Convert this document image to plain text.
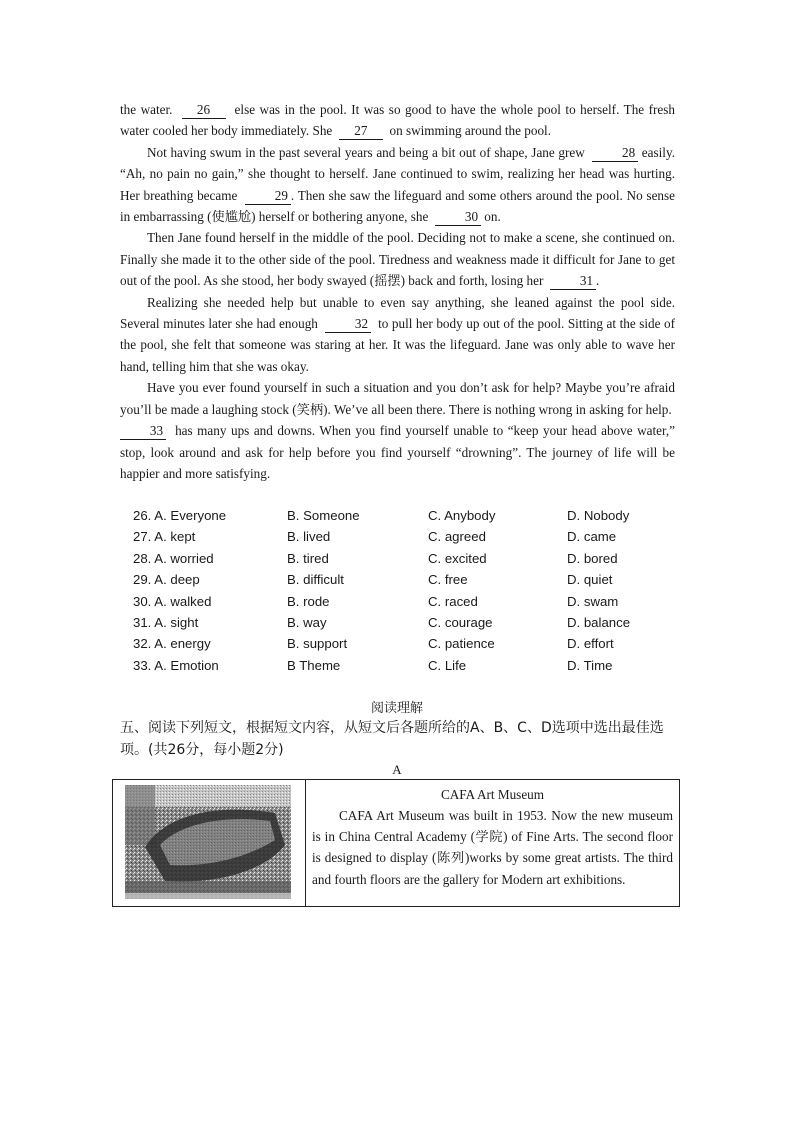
the water. 26 else was in the pool. It was so good to have the whole pool to herself. The fresh water cooled her body immediately. She 27 on swimming around the pool.

Not having swum in the past several years and being a bit out of shape, Jane grew	28 easily. “Ah, no pain no gain,” she thought to herself. Jane continued to swim, realizing her head was hurting. Her breathing became	29 . Then she saw the lifeguard and some others around the pool. No sense in embarrassing (使尴尬) herself or bothering anyone, she	30 on.

Then Jane found herself in the middle of the pool. Deciding not to make a scene, she continued on. Finally she made it to the other side of the pool. Tiredness and weakness made it difficult for Jane to get out of the pool. As she stood, her body swayed (摇摆) back and forth, losing her	31 .

Realizing she needed help but unable to even say anything, she leaned against the pool side. Several minutes later she had enough	32 to pull her body up out of the pool. Sitting at the side of the pool, she felt that someone was staring at her. It was the lifeguard. Jane was only able to wave her hand, telling him that she was okay.

Have you ever found yourself in such a situation and you don’t ask for help? Maybe you’re afraid you’ll be made a laughing stock (笑柄). We’ve all been there. There is nothing wrong in asking for help.  33 has many ups and downs. When you find yourself unable to “keep your head above water,” stop, look around and ask for help before you find yourself “drowning”. The journey of life will be happier and more satisfying.

26. A. Everyone	B. Someone	C. Anybody	D. Nobody
27. A. kept	B. lived	C. agreed	D. came
28. A. worried	B. tired	C. excited	D. bored
29. A. deep	B. difficult	C. free	D. quiet
30. A. walked	B. rode	C. raced	D. swam
31. A. sight	B. way	C. courage	D. balance
32. A. energy	B. support	C. patience	D. effort
33. A. Emotion	B Theme	C. Life	D. Time
阅读理解

五、阅读下列短文，根据短文内容，从短文后各题所给的A、B、C、D选项中选出最佳选项。(共26分，每小题2分)

A

CAFA Art Museum

CAFA Art Museum was built in 1953. Now the new museum is in China Central Academy (学院) of Fine Arts. The second floor is designed to display (陈列)works by some great artists. The third and fourth floors are the gallery for Modern art exhibitions.
